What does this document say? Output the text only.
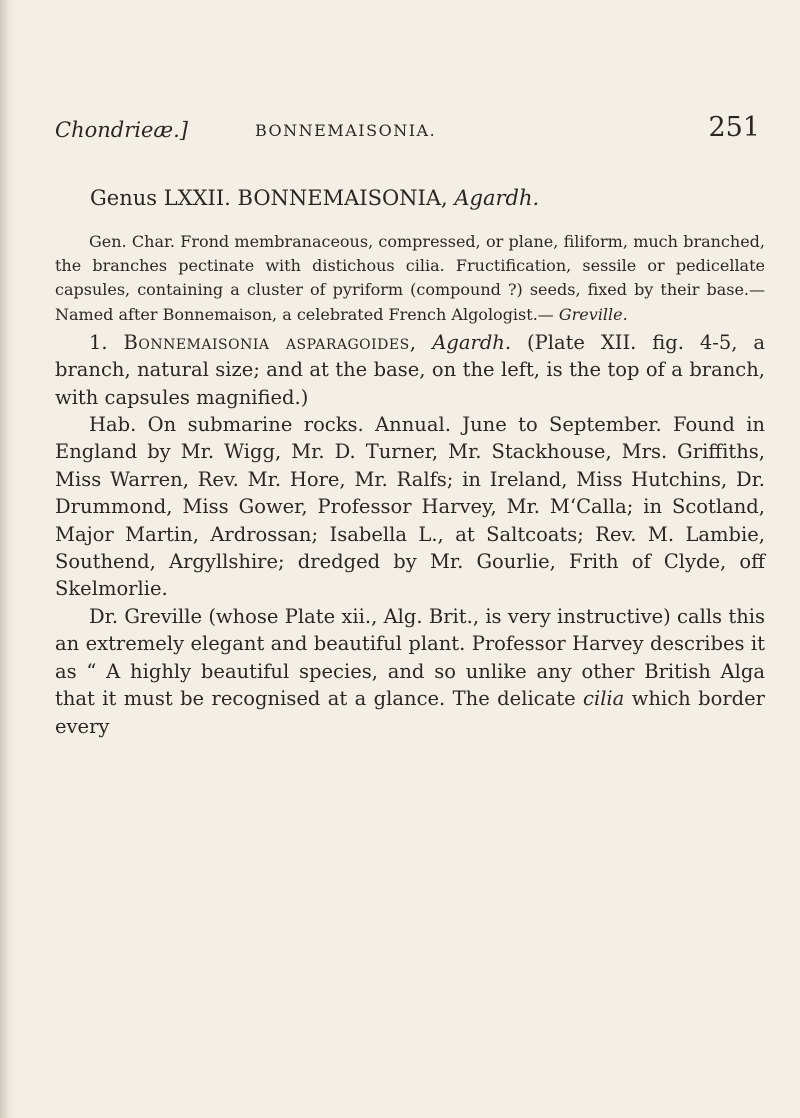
Chondrieæ.]	BONNEMAISONIA.	251
Genus LXXII. BONNEMAISONIA, Agardh.

Gen. Char. Frond membranaceous, compressed, or plane, filiform, much branched, the branches pectinate with distichous cilia. Fructification, sessile or pedicellate capsules, containing a cluster of pyriform (compound ?) seeds, fixed by their base.— Named after Bonnemaison, a celebrated French Algologist.— Greville.

1. Bonnemaisonia asparagoides, Agardh. (Plate XII. fig. 4-5, a branch, natural size; and at the base, on the left, is the top of a branch, with capsules magnified.)

Hab. On submarine rocks. Annual. June to September. Found in England by Mr. Wigg, Mr. D. Turner, Mr. Stackhouse, Mrs. Griffiths, Miss Warren, Rev. Mr. Hore, Mr. Ralfs; in Ireland, Miss Hutchins, Dr. Drummond, Miss Gower, Professor Harvey, Mr. M‘Calla; in Scotland, Major Martin, Ardrossan; Isabella L., at Saltcoats; Rev. M. Lambie, Southend, Argyllshire; dredged by Mr. Gourlie, Frith of Clyde, off Skelmorlie.

Dr. Greville (whose Plate xii., Alg. Brit., is very instructive) calls this an extremely elegant and beautiful plant. Professor Harvey describes it as “ A highly beautiful species, and so unlike any other British Alga that it must be recognised at a glance. The delicate cilia which border every
